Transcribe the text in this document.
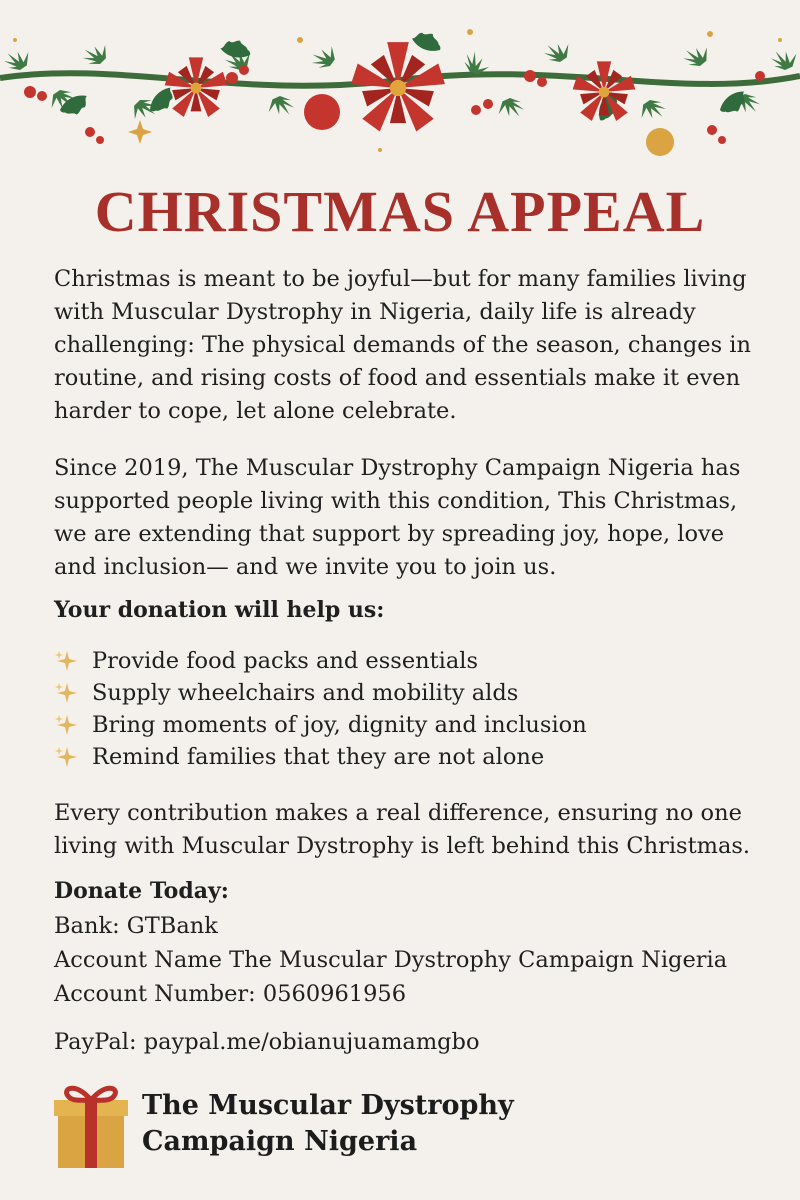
CHRISTMAS APPEAL

Christmas is meant to be joyful—but for many families living with Muscular Dystrophy in Nigeria, daily life is already challenging: The physical demands of the season, changes in routine, and rising costs of food and essentials make it even harder to cope, let alone celebrate.

Since 2019, The Muscular Dystrophy Campaign Nigeria has supported people living with this condition, This Christmas, we are extending that support by spreading joy, hope, love and inclusion— and we invite you to join us.

Your donation will help us:

Provide food packs and essentials
Supply wheelchairs and mobility alds
Bring moments of joy, dignity and inclusion
Remind families that they are not alone

Every contribution makes a real difference, ensuring no one living with Muscular Dystrophy is left behind this Christmas.

Donate Today:

Bank: GTBank

Account Name The Muscular Dystrophy Campaign Nigeria

Account Number: 0560961956

PayPal: paypal.me/obianujuamamgbo

The Muscular Dystrophy
Campaign Nigeria
